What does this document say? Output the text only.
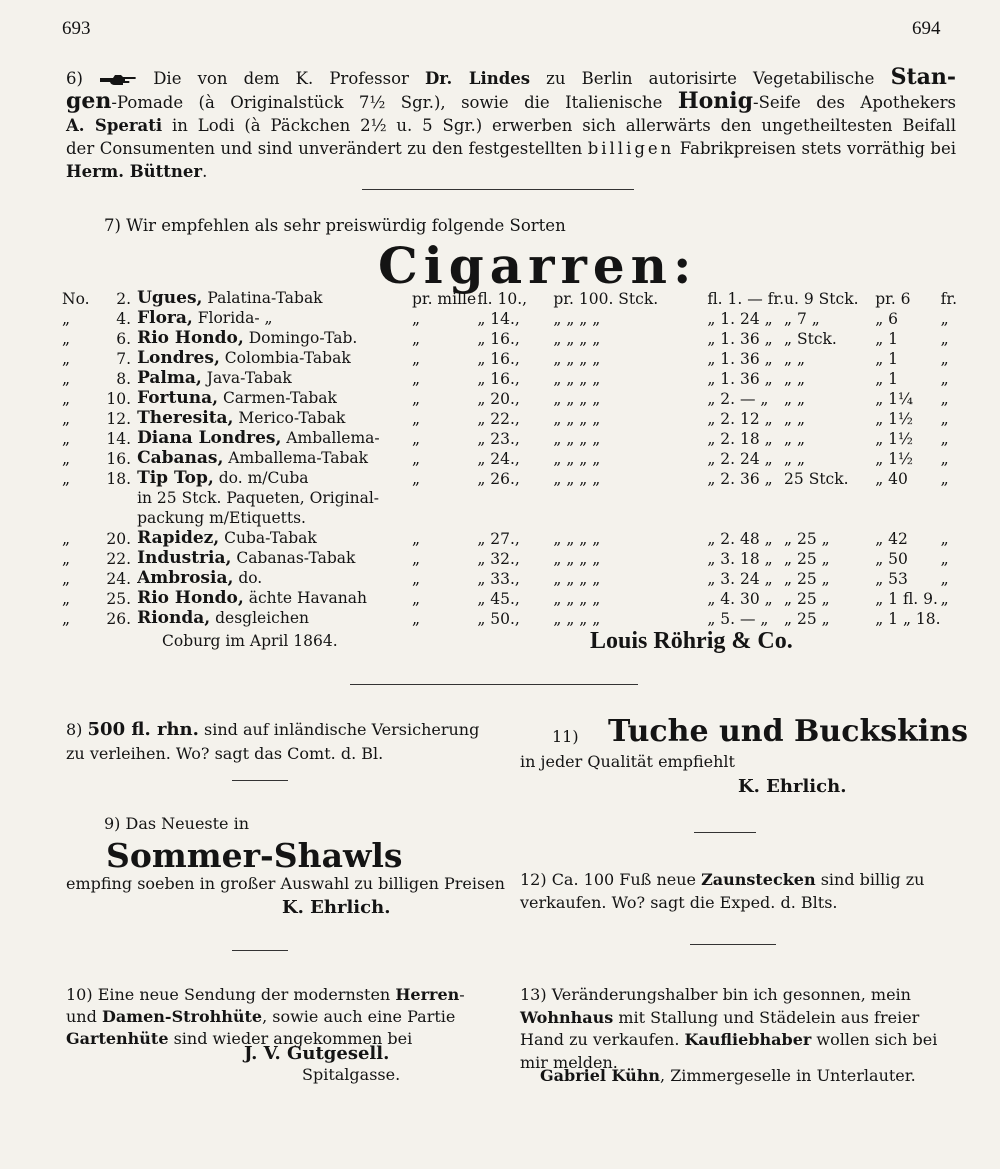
693	694
6)	Die von dem K. Professor Dr. Lindes zu Berlin autorisirte Vegetabilische Stan-
gen-Pomade (à Originalstück 7½ Sgr.), sowie die Italienische Honig-Seife des Apothekers
A. Sperati in Lodi (à Päckchen 2½ u. 5 Sgr.) erwerben sich allerwärts den ungetheiltesten Beifall
der Consumenten und sind unverändert zu den festgestellten billigen Fabrikpreisen stets vorräthig bei
Herm. Büttner.
7) Wir empfehlen als sehr preiswürdig folgende Sorten
Cigarren:
No.	2.	Ugues, Palatina-Tabak	pr. mille	fl. 10.,	pr. 100. Stck.	fl. 1. — fr.	u. 9 Stck.	pr. 6	fr.
„	4.	Flora, Florida- „	„	„ 14.,	„ „ „ „	„ 1. 24 „	„ 7 „	„ 6	„
„	6.	Rio Hondo, Domingo-Tab.	„	„ 16.,	„ „ „ „	„ 1. 36 „	„ Stck.	„ 1	„
„	7.	Londres, Colombia-Tabak	„	„ 16.,	„ „ „ „	„ 1. 36 „	„ „	„ 1	„
„	8.	Palma, Java-Tabak	„	„ 16.,	„ „ „ „	„ 1. 36 „	„ „	„ 1	„
„	10.	Fortuna, Carmen-Tabak	„	„ 20.,	„ „ „ „	„ 2. — „	„ „	„ 1¼	„
„	12.	Theresita, Merico-Tabak	„	„ 22.,	„ „ „ „	„ 2. 12 „	„ „	„ 1½	„
„	14.	Diana Londres, Amballema-	„	„ 23.,	„ „ „ „	„ 2. 18 „	„ „	„ 1½	„
„	16.	Cabanas, Amballema-Tabak	„	„ 24.,	„ „ „ „	„ 2. 24 „	„ „	„ 1½	„
„	18.	Tip Top, do. m/Cuba	„	„ 26.,	„ „ „ „	„ 2. 36 „	25 Stck.	„ 40	„
		in 25 Stck. Paqueten, Original-							
		packung m/Etiquetts.							
„	20.	Rapidez, Cuba-Tabak	„	„ 27.,	„ „ „ „	„ 2. 48 „	„ 25 „	„ 42	„
„	22.	Industria, Cabanas-Tabak	„	„ 32.,	„ „ „ „	„ 3. 18 „	„ 25 „	„ 50	„
„	24.	Ambrosia, do.	„	„ 33.,	„ „ „ „	„ 3. 24 „	„ 25 „	„ 53	„
„	25.	Rio Hondo, ächte Havanah	„	„ 45.,	„ „ „ „	„ 4. 30 „	„ 25 „	„ 1 fl. 9.	„
„	26.	Rionda, desgleichen	„	„ 50.,	„ „ „ „	„ 5. — „	„ 25 „	„ 1 „ 18.	
Coburg im April 1864.	Louis Röhrig & Co.
8) 500 fl. rhn. sind auf inländische Versicherung zu verleihen. Wo? sagt das Comt. d. Bl.
9) Das Neueste in
Sommer-Shawls
empfing soeben in großer Auswahl zu billigen Preisen
K. Ehrlich.
10) Eine neue Sendung der modernsten Herren- und Damen-Strohhüte, sowie auch eine Partie Gartenhüte sind wieder angekommen bei
J. V. Gutgesell.
Spitalgasse.
11) Tuche und Buckskins
in jeder Qualität empfiehlt
K. Ehrlich.
12) Ca. 100 Fuß neue Zaunstecken sind billig zu verkaufen. Wo? sagt die Exped. d. Blts.
13) Veränderungshalber bin ich gesonnen, mein Wohnhaus mit Stallung und Städelein aus freier Hand zu verkaufen. Kaufliebhaber wollen sich bei mir melden.
Gabriel Kühn, Zimmergeselle in Unterlauter.
